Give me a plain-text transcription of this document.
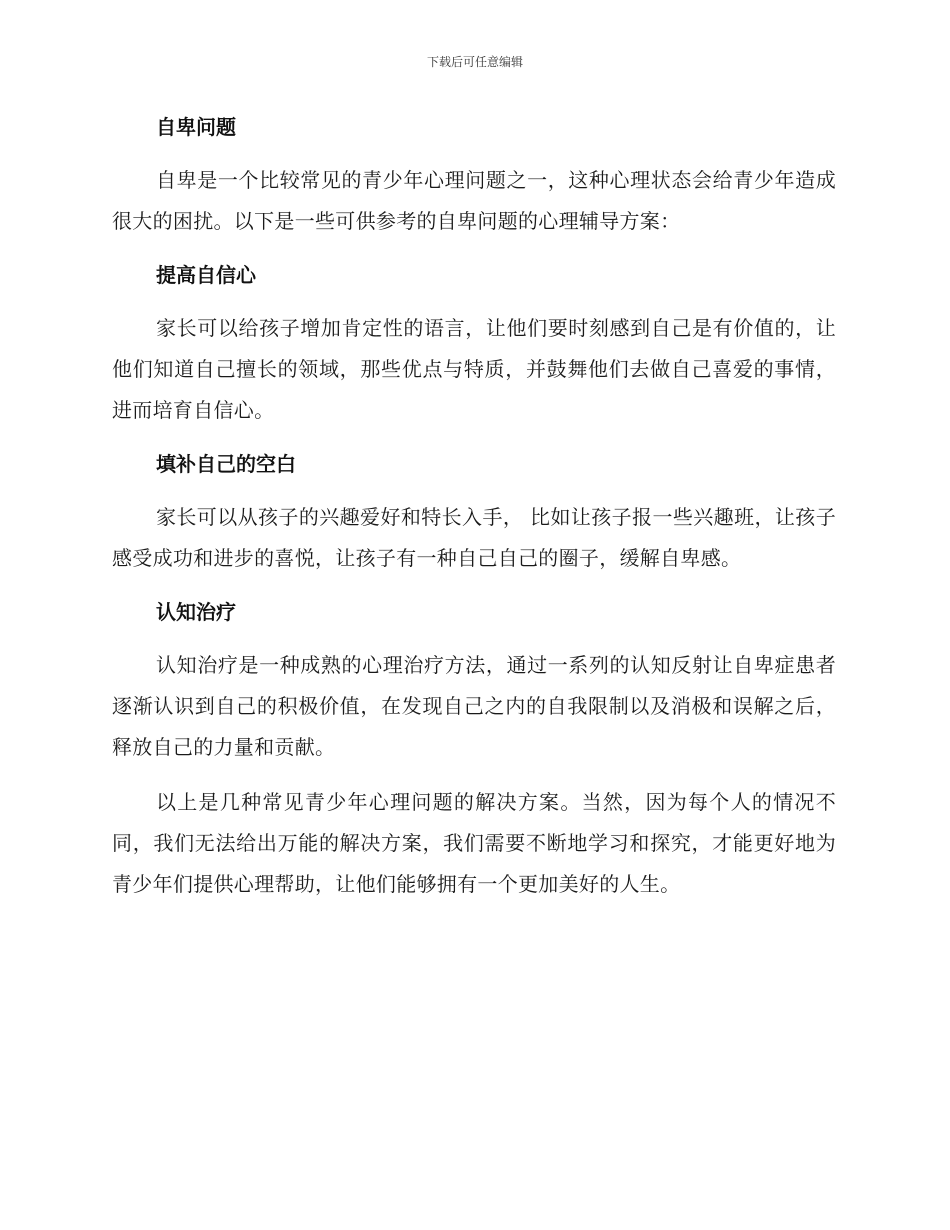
下载后可任意编辑
自卑问题

自卑是一个比较常见的青少年心理问题之一，这种心理状态会给青少年造成很大的困扰。以下是一些可供参考的自卑问题的心理辅导方案：

提高自信心

家长可以给孩子增加肯定性的语言，让他们要时刻感到自己是有价值的，让他们知道自己擅长的领域，那些优点与特质，并鼓舞他们去做自己喜爱的事情，进而培育自信心。

填补自己的空白

家长可以从孩子的兴趣爱好和特长入手， 比如让孩子报一些兴趣班，让孩子感受成功和进步的喜悦，让孩子有一种自己自己的圈子，缓解自卑感。

认知治疗

认知治疗是一种成熟的心理治疗方法，通过一系列的认知反射让自卑症患者逐渐认识到自己的积极价值，在发现自己之内的自我限制以及消极和误解之后，释放自己的力量和贡献。

以上是几种常见青少年心理问题的解决方案。当然，因为每个人的情况不同，我们无法给出万能的解决方案，我们需要不断地学习和探究，才能更好地为青少年们提供心理帮助，让他们能够拥有一个更加美好的人生。
